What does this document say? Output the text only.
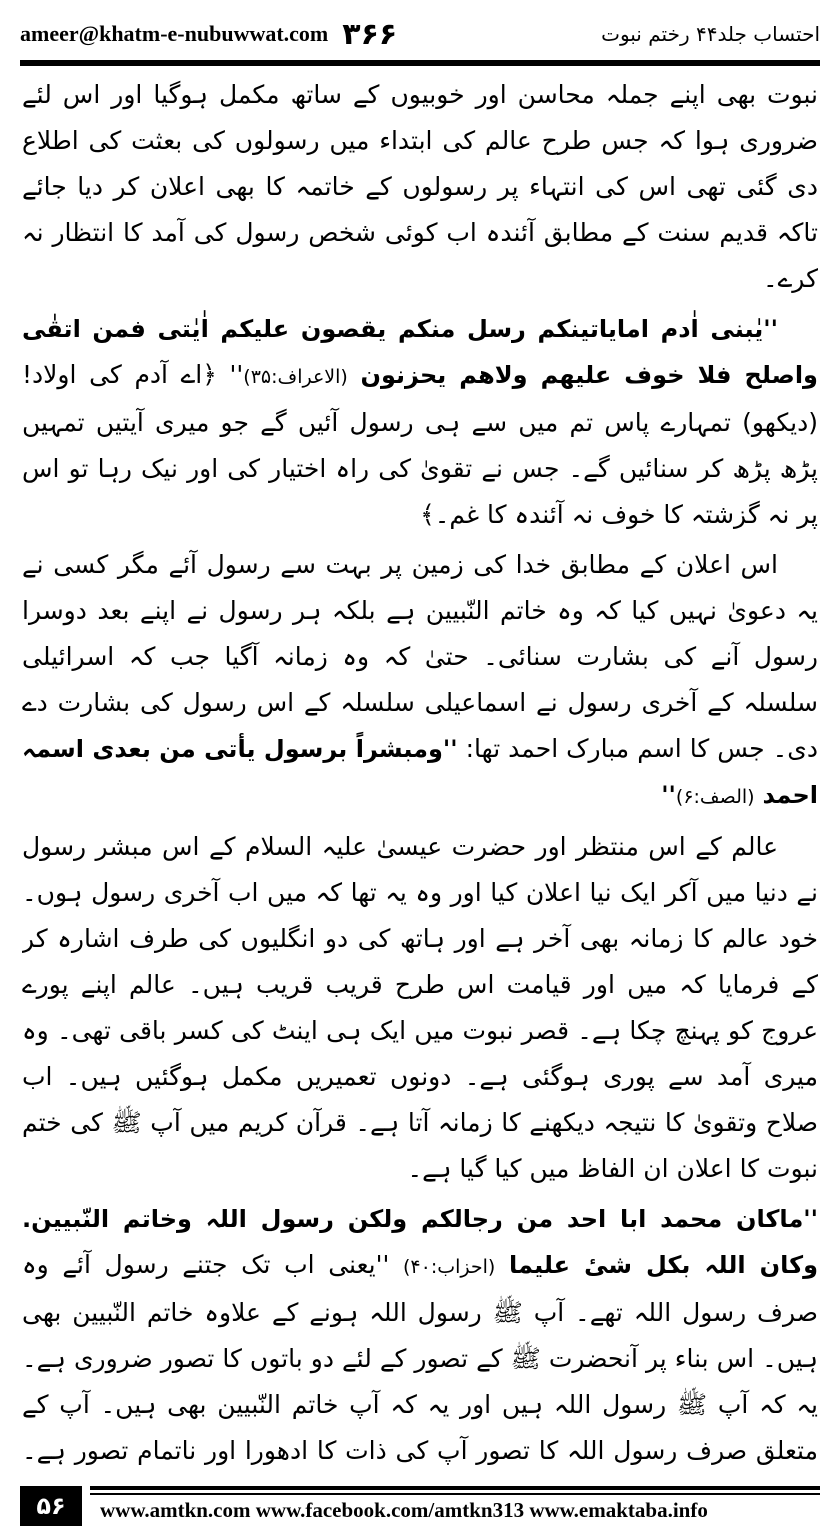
ameer@khatm-e-nubuwwat.com ۳۶۶	احتساب جلد۴۴ رختم نبوت

نبوت بھی اپنے جملہ محاسن اور خوبیوں کے ساتھ مکمل ہوگیا اور اس لئے ضروری ہوا کہ جس طرح عالم کی ابتداء میں رسولوں کی بعثت کی اطلاع دی گئی تھی اس کی انتہاء پر رسولوں کے خاتمہ کا بھی اعلان کر دیا جائے تاکہ قدیم سنت کے مطابق آئندہ اب کوئی شخص رسول کی آمد کا انتظار نہ کرے۔

''یٰبنی اٰدم امایاتینکم رسل منکم یقصون علیکم اٰیٰتی فمن اتقٰی واصلح فلا خوف علیھم ولاھم یحزنون (الاعراف:۳۵)'' ﴿اے آدم کی اولاد! (دیکھو) تمہارے پاس تم میں سے ہی رسول آئیں گے جو میری آیتیں تمہیں پڑھ پڑھ کر سنائیں گے۔ جس نے تقویٰ کی راہ اختیار کی اور نیک رہا تو اس پر نہ گزشتہ کا خوف نہ آئندہ کا غم۔﴾

اس اعلان کے مطابق خدا کی زمین پر بہت سے رسول آئے مگر کسی نے یہ دعویٰ نہیں کیا کہ وہ خاتم النّبیین ہے بلکہ ہر رسول نے اپنے بعد دوسرا رسول آنے کی بشارت سنائی۔ حتیٰ کہ وہ زمانہ آگیا جب کہ اسرائیلی سلسلہ کے آخری رسول نے اسماعیلی سلسلہ کے اس رسول کی بشارت دے دی۔ جس کا اسم مبارک احمد تھا: ''ومبشراً برسول یأتی من بعدی اسمہ احمد (الصف:۶)''

عالم کے اس منتظر اور حضرت عیسیٰ علیہ السلام کے اس مبشر رسول نے دنیا میں آکر ایک نیا اعلان کیا اور وہ یہ تھا کہ میں اب آخری رسول ہوں۔ خود عالم کا زمانہ بھی آخر ہے اور ہاتھ کی دو انگلیوں کی طرف اشارہ کر کے فرمایا کہ میں اور قیامت اس طرح قریب قریب ہیں۔ عالم اپنے پورے عروج کو پہنچ چکا ہے۔ قصر نبوت میں ایک ہی اینٹ کی کسر باقی تھی۔ وہ میری آمد سے پوری ہوگئی ہے۔ دونوں تعمیریں مکمل ہوگئیں ہیں۔ اب صلاح وتقویٰ کا نتیجہ دیکھنے کا زمانہ آتا ہے۔ قرآن کریم میں آپ ﷺ کی ختم نبوت کا اعلان ان الفاظ میں کیا گیا ہے۔

''ماکان محمد ابا احد من رجالکم ولکن رسول اللہ وخاتم النّبیین. وکان اللہ بکل شیٔ علیما (احزاب:۴۰) ''یعنی اب تک جتنے رسول آئے وہ صرف رسول اللہ تھے۔ آپ ﷺ رسول اللہ ہونے کے علاوہ خاتم النّبیین بھی ہیں۔ اس بناء پر آنحضرت ﷺ کے تصور کے لئے دو باتوں کا تصور ضروری ہے۔ یہ کہ آپ ﷺ رسول اللہ ہیں اور یہ کہ آپ خاتم النّبیین بھی ہیں۔ آپ کے متعلق صرف رسول اللہ کا تصور آپ کی ذات کا ادھورا اور ناتمام تصور ہے۔

۵۶	www.amtkn.com www.facebook.com/amtkn313 www.emaktaba.info
